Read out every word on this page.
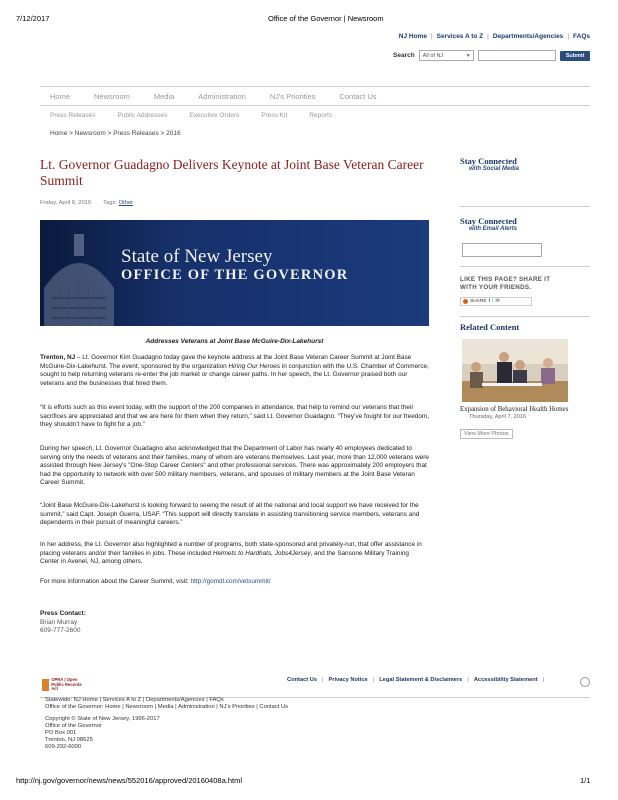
7/12/2017	Office of the Governor | Newsroom
NJ Home | Services A to Z | Departments/Agencies | FAQs
Search All of NJ	▾	Submit
Home	Newsroom	Media	Administration	NJ's Priorities	Contact Us
Press Releases	Public Addresses	Executive Orders	Press Kit	Reports
Home > Newsroom > Press Releases > 2016
Lt. Governor Guadagno Delivers Keynote at Joint Base Veteran Career Summit
Friday, April 8, 2016 Tags: Other
State of New Jersey
OFFICE OF THE GOVERNOR
Addresses Veterans at Joint Base McGuire-Dix-Lakehurst
Trenton, NJ – Lt. Governor Kim Guadagno today gave the keynote address at the Joint Base Veteran Career Summit at Joint Base McGuire-Dix-Lakehurst. The event, sponsored by the organization Hiring Our Heroes in conjunction with the U.S. Chamber of Commerce, sought to help returning veterans re-enter the job market or change career paths. In her speech, the Lt. Governor praised both our veterans and the businesses that hired them.
“It is efforts such as this event today, with the support of the 200 companies in attendance, that help to remind our veterans that their sacrifices are appreciated and that we are here for them when they return,” said Lt. Governor Guadagno. “They’ve fought for our freedom, they shouldn’t have to fight for a job.”
During her speech, Lt. Governor Guadagno also acknowledged that the Department of Labor has nearly 40 employees dedicated to serving only the needs of veterans and their families, many of whom are veterans themselves. Last year, more than 12,000 veterans were assisted through New Jersey's "One-Stop Career Centers" and other professional services. There was approximately 200 employers that had the opportunity to network with over 500 military members, veterans, and spouses of military members at the Joint Base Veteran Career Summit.
“Joint Base McGuire-Dix-Lakehurst is looking forward to seeing the result of all the national and local support we have received for the summit,” said Capt. Joseph Guerra, USAF. “This support will directly translate in assisting transitioning service members, veterans and dependents in their pursuit of meaningful careers.”
In her address, the Lt. Governor also highlighted a number of programs, both state-sponsored and privately-run, that offer assistance in placing veterans and/or their families in jobs. These included Helmets to Hardhats, Jobs4Jersey, and the Sansone Military Training Center in Avenel, NJ, among others.
For more information about the Career Summit, visit: http://gomdl.com/vetsummit/
Press Contact:
Brian Murray
609-777-2600
Stay Connected
with Social Media
Stay Connected
with Email Alerts
LIKE THIS PAGE? SHARE IT
WITH YOUR FRIENDS.
SHARE f t ✉
Related Content
Expansion of Behavioral Health Homes
Thursday, April 7, 2016
View More Photos
OPRA | Open
Public Records Act
Contact Us | Privacy Notice | Legal Statement & Disclaimers | Accessibility Statement |
Statewide: NJ Home | Services A to Z | Departments/Agencies | FAQs
Office of the Governor: Home | Newsroom | Media | Administration | NJ's Priorities | Contact Us
Copyright © State of New Jersey, 1996-2017
Office of the Governor
PO Box 001
Trenton, NJ 08625
609-292-6000
http://nj.gov/governor/news/news/552016/approved/20160408a.html	1/1
